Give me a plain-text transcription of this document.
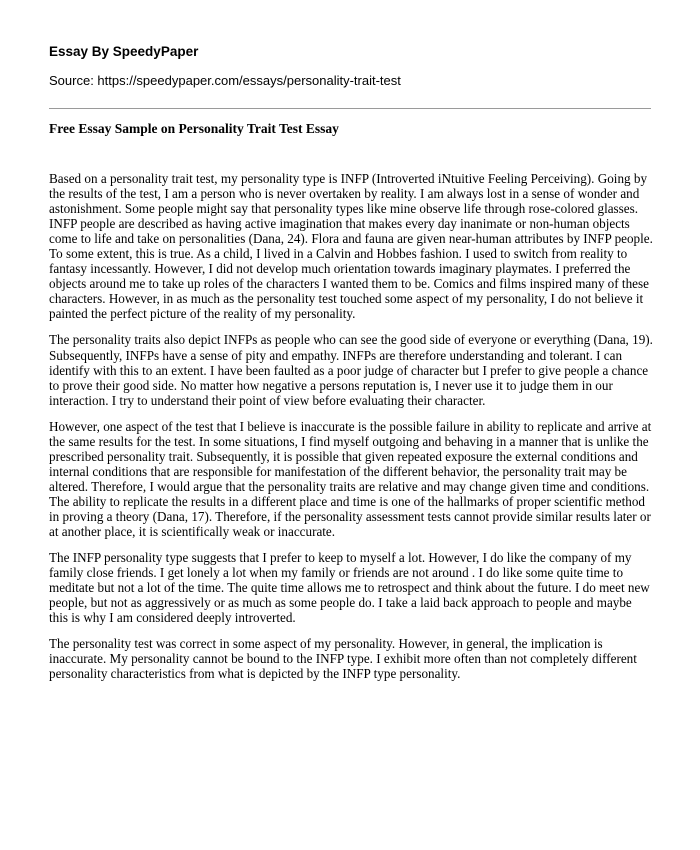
Essay By SpeedyPaper
Source: https://speedypaper.com/essays/personality-trait-test
Free Essay Sample on Personality Trait Test Essay

Based on a personality trait test, my personality type is INFP (Introverted iNtuitive Feeling Perceiving). Going by the results of the test, I am a person who is never overtaken by reality. I am always lost in a sense of wonder and astonishment. Some people might say that personality types like mine observe life through rose-colored glasses. INFP people are described as having active imagination that makes every day inanimate or non-human objects come to life and take on personalities (Dana, 24). Flora and fauna are given near-human attributes by INFP people. To some extent, this is true. As a child, I lived in a Calvin and Hobbes fashion. I used to switch from reality to fantasy incessantly. However, I did not develop much orientation towards imaginary playmates. I preferred the objects around me to take up roles of the characters I wanted them to be. Comics and films inspired many of these characters. However, in as much as the personality test touched some aspect of my personality, I do not believe it painted the perfect picture of the reality of my personality.

The personality traits also depict INFPs as people who can see the good side of everyone or everything (Dana, 19). Subsequently, INFPs have a sense of pity and empathy. INFPs are therefore understanding and tolerant. I can identify with this to an extent. I have been faulted as a poor judge of character but I prefer to give people a chance to prove their good side. No matter how negative a persons reputation is, I never use it to judge them in our interaction. I try to understand their point of view before evaluating their character.

However, one aspect of the test that I believe is inaccurate is the possible failure in ability to replicate and arrive at the same results for the test. In some situations, I find myself outgoing and behaving in a manner that is unlike the prescribed personality trait. Subsequently, it is possible that given repeated exposure the external conditions and internal conditions that are responsible for manifestation of the different behavior, the personality trait may be altered. Therefore, I would argue that the personality traits are relative and may change given time and conditions. The ability to replicate the results in a different place and time is one of the hallmarks of proper scientific method in proving a theory (Dana, 17). Therefore, if the personality assessment tests cannot provide similar results later or at another place, it is scientifically weak or inaccurate.

The INFP personality type suggests that I prefer to keep to myself a lot. However, I do like the company of my family close friends. I get lonely a lot when my family or friends are not around . I do like some quite time to meditate but not a lot of the time. The quite time allows me to retrospect and think about the future. I do meet new people, but not as aggressively or as much as some people do. I take a laid back approach to people and maybe this is why I am considered deeply introverted.

The personality test was correct in some aspect of my personality. However, in general, the implication is inaccurate. My personality cannot be bound to the INFP type. I exhibit more often than not completely different personality characteristics from what is depicted by the INFP type personality.
